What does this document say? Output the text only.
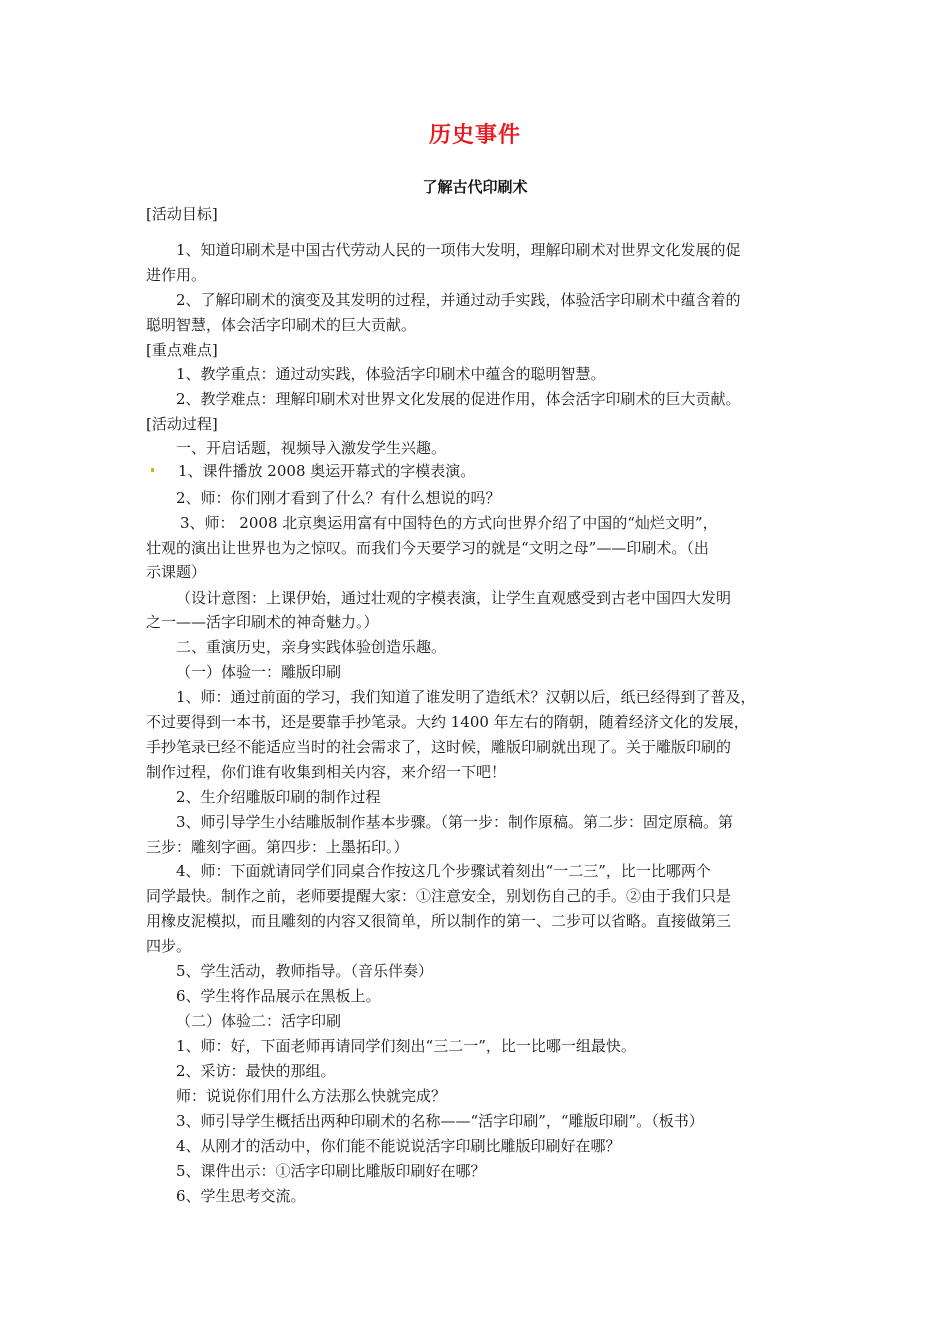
历史事件
了解古代印刷术
[活动目标]
1、知道印刷术是中国古代劳动人民的一项伟大发明，理解印刷术对世界文化发展的促
进作用。
2、了解印刷术的演变及其发明的过程，并通过动手实践，体验活字印刷术中蕴含着的
聪明智慧，体会活字印刷术的巨大贡献。
[重点难点]
1、教学重点：通过动实践，体验活字印刷术中蕴含的聪明智慧。
2、教学难点：理解印刷术对世界文化发展的促进作用，体会活字印刷术的巨大贡献。
[活动过程]
一、开启话题，视频导入激发学生兴趣。
1、课件播放 2008 奥运开幕式的字模表演。
2、师：你们刚才看到了什么？有什么想说的吗？
3、师： 2008 北京奥运用富有中国特色的方式向世界介绍了中国的“灿烂文明”，
壮观的演出让世界也为之惊叹。而我们今天要学习的就是“文明之母”——印刷术。（出
示课题）
（设计意图：上课伊始，通过壮观的字模表演，让学生直观感受到古老中国四大发明
之一——活字印刷术的神奇魅力。）
二、重演历史，亲身实践体验创造乐趣。
（一）体验一：雕版印刷
1、师：通过前面的学习，我们知道了谁发明了造纸术？汉朝以后，纸已经得到了普及，
不过要得到一本书，还是要靠手抄笔录。大约 1400 年左右的隋朝，随着经济文化的发展，
手抄笔录已经不能适应当时的社会需求了，这时候，雕版印刷就出现了。关于雕版印刷的
制作过程，你们谁有收集到相关内容，来介绍一下吧！
2、生介绍雕版印刷的制作过程
3、师引导学生小结雕版制作基本步骤。（第一步：制作原稿。第二步：固定原稿。第
三步：雕刻字画。第四步：上墨拓印。）
4、师：下面就请同学们同桌合作按这几个步骤试着刻出“一二三”，比一比哪两个
同学最快。制作之前，老师要提醒大家：①注意安全，别划伤自己的手。②由于我们只是
用橡皮泥模拟，而且雕刻的内容又很简单，所以制作的第一、二步可以省略。直接做第三
四步。
5、学生活动，教师指导。（音乐伴奏）
6、学生将作品展示在黑板上。
（二）体验二：活字印刷
1、师：好，下面老师再请同学们刻出“三二一”，比一比哪一组最快。
2、采访：最快的那组。
师：说说你们用什么方法那么快就完成？
3、师引导学生概括出两种印刷术的名称——“活字印刷”，“雕版印刷”。（板书）
4、从刚才的活动中，你们能不能说说活字印刷比雕版印刷好在哪？
5、课件出示：①活字印刷比雕版印刷好在哪？
6、学生思考交流。
